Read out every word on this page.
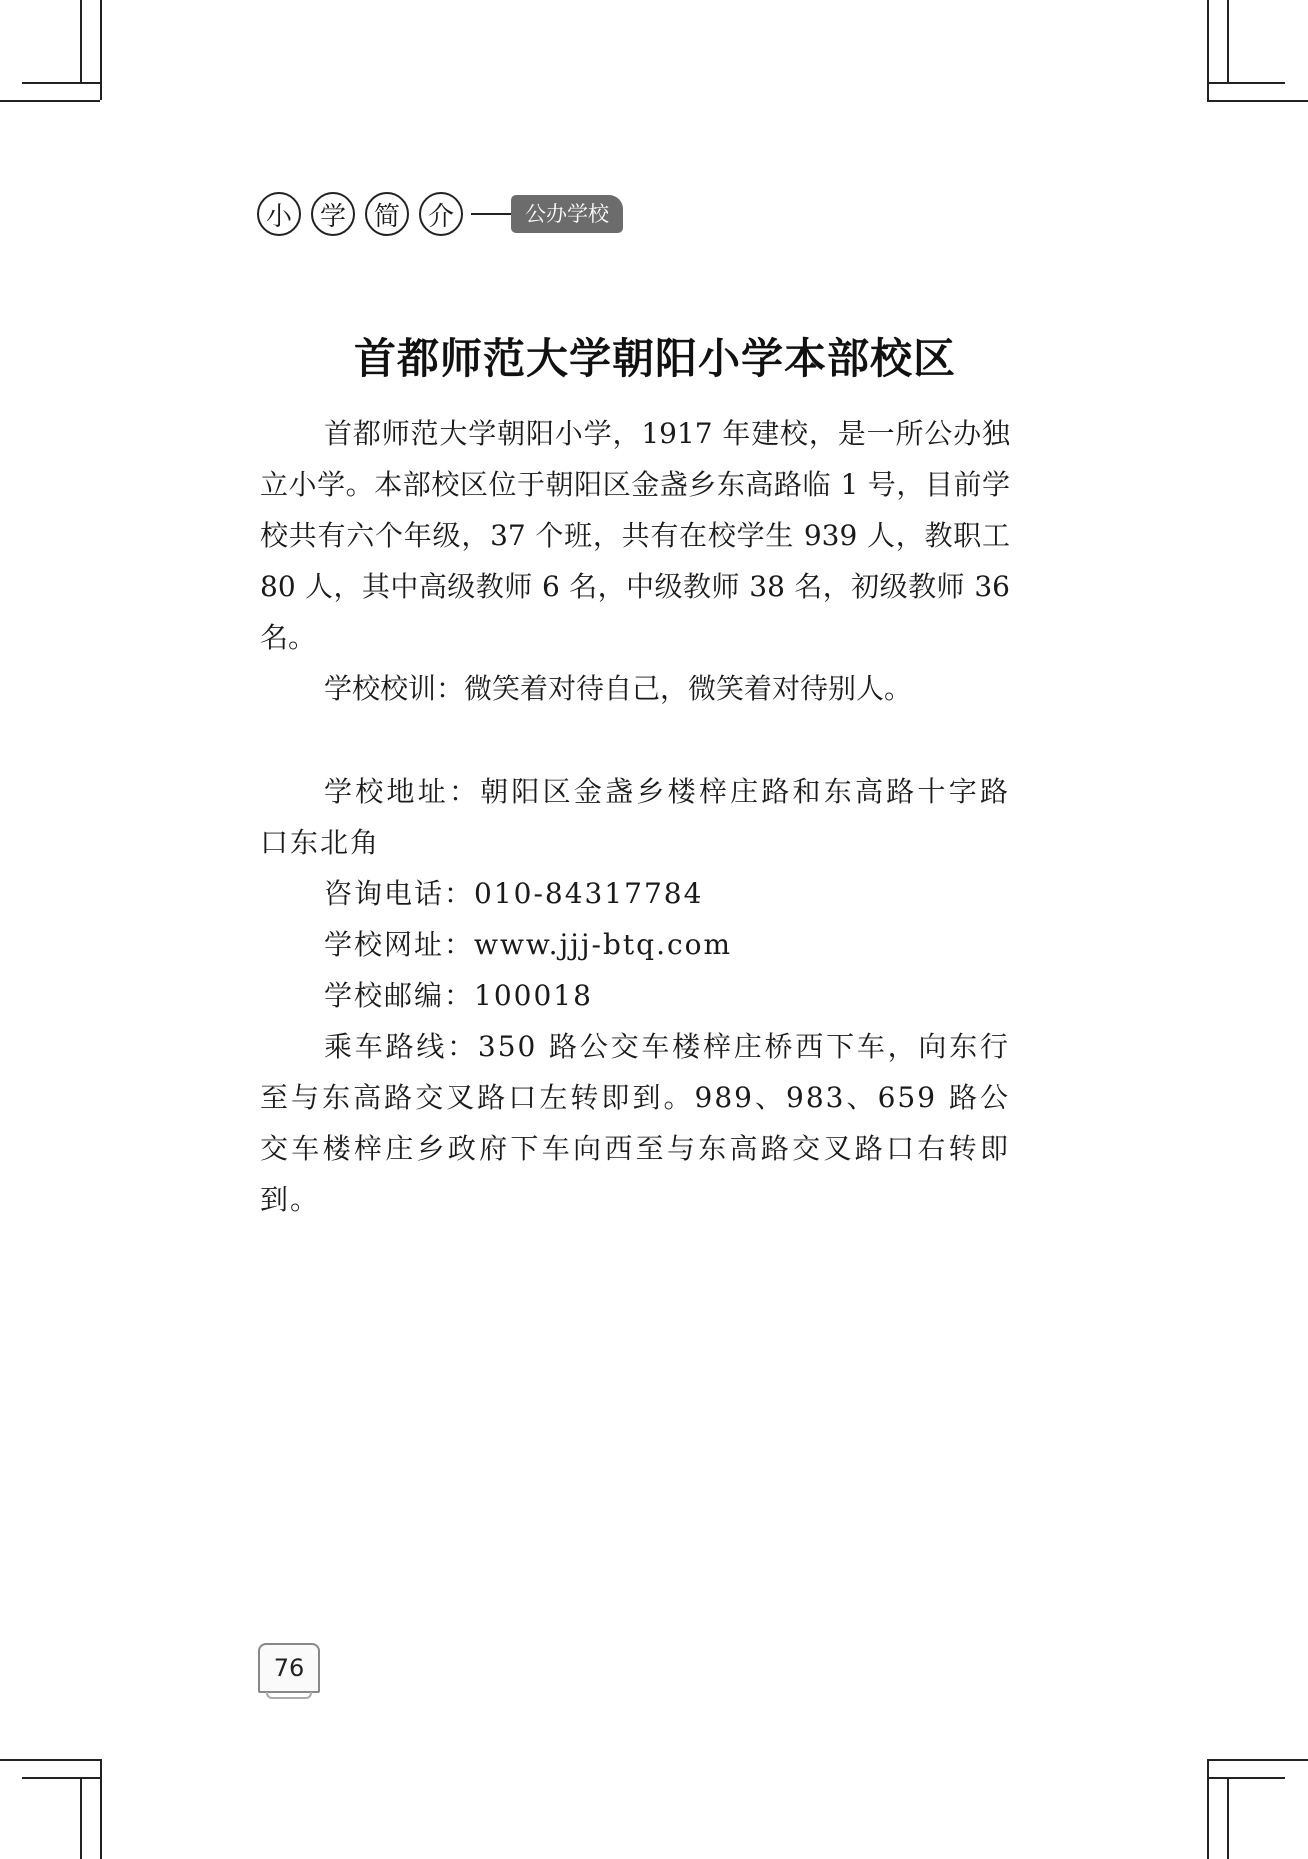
小	学	简	介	公办学校
首都师范大学朝阳小学本部校区

首都师范大学朝阳小学，1917 年建校，是一所公办独立小学。本部校区位于朝阳区金盏乡东高路临 1 号，目前学校共有六个年级，37 个班，共有在校学生 939 人，教职工 80 人，其中高级教师 6 名，中级教师 38 名，初级教师 36 名。

学校校训：微笑着对待自己，微笑着对待别人。

学校地址：朝阳区金盏乡楼梓庄路和东高路十字路口东北角

咨询电话：010-84317784

学校网址：www.jjj-btq.com

学校邮编：100018

乘车路线：350 路公交车楼梓庄桥西下车，向东行至与东高路交叉路口左转即到。989、983、659 路公交车楼梓庄乡政府下车向西至与东高路交叉路口右转即到。

76
